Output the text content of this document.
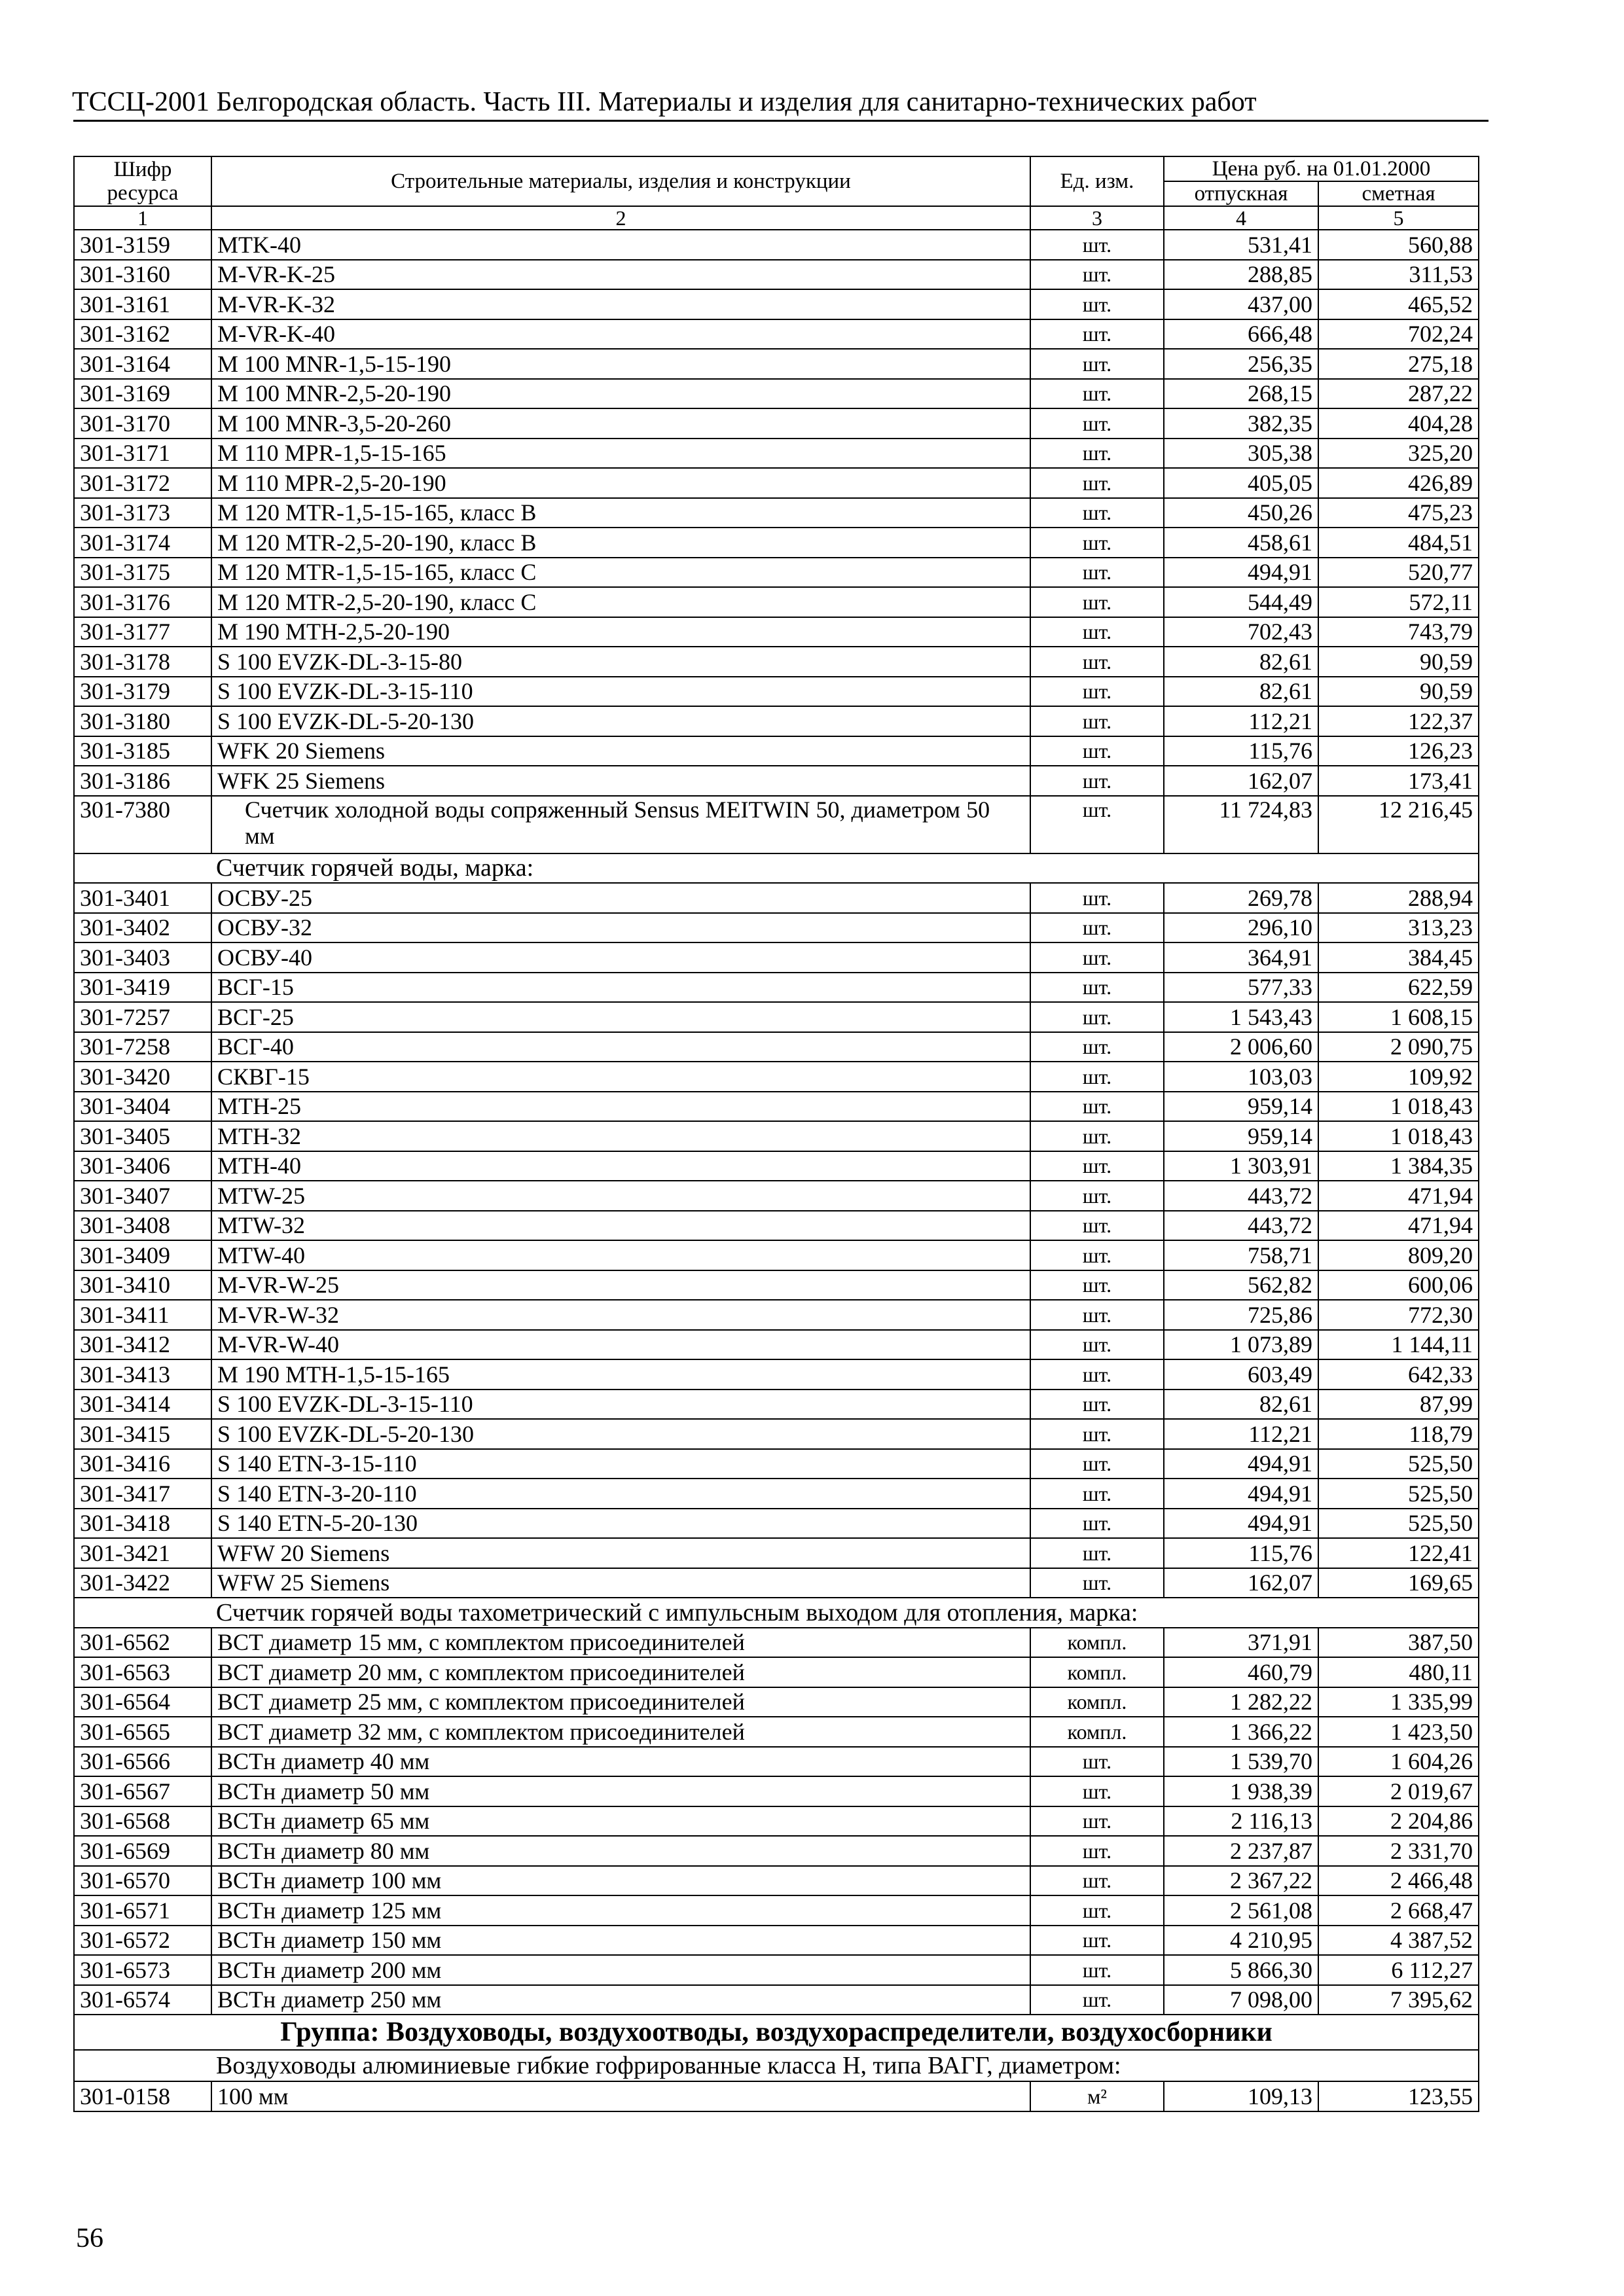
ТССЦ-2001 Белгородская область. Часть III. Материалы и изделия для санитарно-технических работ
Шифр ресурса	Строительные материалы, изделия и конструкции	Ед. изм.	Цена руб. на 01.01.2000	
			отпускная	сметная
1	2	3	4	5
301-3159	MTK-40	шт.	531,41	560,88
301-3160	M-VR-K-25	шт.	288,85	311,53
301-3161	M-VR-K-32	шт.	437,00	465,52
301-3162	M-VR-K-40	шт.	666,48	702,24
301-3164	M 100 MNR-1,5-15-190	шт.	256,35	275,18
301-3169	M 100 MNR-2,5-20-190	шт.	268,15	287,22
301-3170	M 100 MNR-3,5-20-260	шт.	382,35	404,28
301-3171	M 110 MPR-1,5-15-165	шт.	305,38	325,20
301-3172	M 110 MPR-2,5-20-190	шт.	405,05	426,89
301-3173	M 120 MTR-1,5-15-165, класс B	шт.	450,26	475,23
301-3174	M 120 MTR-2,5-20-190, класс B	шт.	458,61	484,51
301-3175	M 120 MTR-1,5-15-165, класс C	шт.	494,91	520,77
301-3176	M 120 MTR-2,5-20-190, класс C	шт.	544,49	572,11
301-3177	M 190 MTH-2,5-20-190	шт.	702,43	743,79
301-3178	S 100 EVZK-DL-3-15-80	шт.	82,61	90,59
301-3179	S 100 EVZK-DL-3-15-110	шт.	82,61	90,59
301-3180	S 100 EVZK-DL-5-20-130	шт.	112,21	122,37
301-3185	WFK 20 Siemens	шт.	115,76	126,23
301-3186	WFK 25 Siemens	шт.	162,07	173,41
301-7380	Счетчик холодной воды сопряженный Sensus MEITWIN 50, диаметром 50 мм	шт.	11 724,83	12 216,45
Счетчик горячей воды, марка:				
301-3401	ОСВУ-25	шт.	269,78	288,94
301-3402	ОСВУ-32	шт.	296,10	313,23
301-3403	ОСВУ-40	шт.	364,91	384,45
301-3419	ВСГ-15	шт.	577,33	622,59
301-7257	ВСГ-25	шт.	1 543,43	1 608,15
301-7258	ВСГ-40	шт.	2 006,60	2 090,75
301-3420	СКВГ-15	шт.	103,03	109,92
301-3404	MTH-25	шт.	959,14	1 018,43
301-3405	MTH-32	шт.	959,14	1 018,43
301-3406	MTH-40	шт.	1 303,91	1 384,35
301-3407	MTW-25	шт.	443,72	471,94
301-3408	MTW-32	шт.	443,72	471,94
301-3409	MTW-40	шт.	758,71	809,20
301-3410	M-VR-W-25	шт.	562,82	600,06
301-3411	M-VR-W-32	шт.	725,86	772,30
301-3412	M-VR-W-40	шт.	1 073,89	1 144,11
301-3413	M 190 MTH-1,5-15-165	шт.	603,49	642,33
301-3414	S 100 EVZK-DL-3-15-110	шт.	82,61	87,99
301-3415	S 100 EVZK-DL-5-20-130	шт.	112,21	118,79
301-3416	S 140 ETN-3-15-110	шт.	494,91	525,50
301-3417	S 140 ETN-3-20-110	шт.	494,91	525,50
301-3418	S 140 ETN-5-20-130	шт.	494,91	525,50
301-3421	WFW 20 Siemens	шт.	115,76	122,41
301-3422	WFW 25 Siemens	шт.	162,07	169,65
Счетчик горячей воды тахометрический с импульсным выходом для отопления, марка:				
301-6562	ВСТ диаметр 15 мм, с комплектом присоединителей	компл.	371,91	387,50
301-6563	ВСТ диаметр 20 мм, с комплектом присоединителей	компл.	460,79	480,11
301-6564	ВСТ диаметр 25 мм, с комплектом присоединителей	компл.	1 282,22	1 335,99
301-6565	ВСТ диаметр 32 мм, с комплектом присоединителей	компл.	1 366,22	1 423,50
301-6566	ВСТн диаметр 40 мм	шт.	1 539,70	1 604,26
301-6567	ВСТн диаметр 50 мм	шт.	1 938,39	2 019,67
301-6568	ВСТн диаметр 65 мм	шт.	2 116,13	2 204,86
301-6569	ВСТн диаметр 80 мм	шт.	2 237,87	2 331,70
301-6570	ВСТн диаметр 100 мм	шт.	2 367,22	2 466,48
301-6571	ВСТн диаметр 125 мм	шт.	2 561,08	2 668,47
301-6572	ВСТн диаметр 150 мм	шт.	4 210,95	4 387,52
301-6573	ВСТн диаметр 200 мм	шт.	5 866,30	6 112,27
301-6574	ВСТн диаметр 250 мм	шт.	7 098,00	7 395,62
Группа: Воздуховоды, воздухоотводы, воздухораспределители, воздухосборники				
Воздуховоды алюминиевые гибкие гофрированные класса Н, типа ВАГГ, диаметром:				
301-0158	100 мм	м²	109,13	123,55
56
